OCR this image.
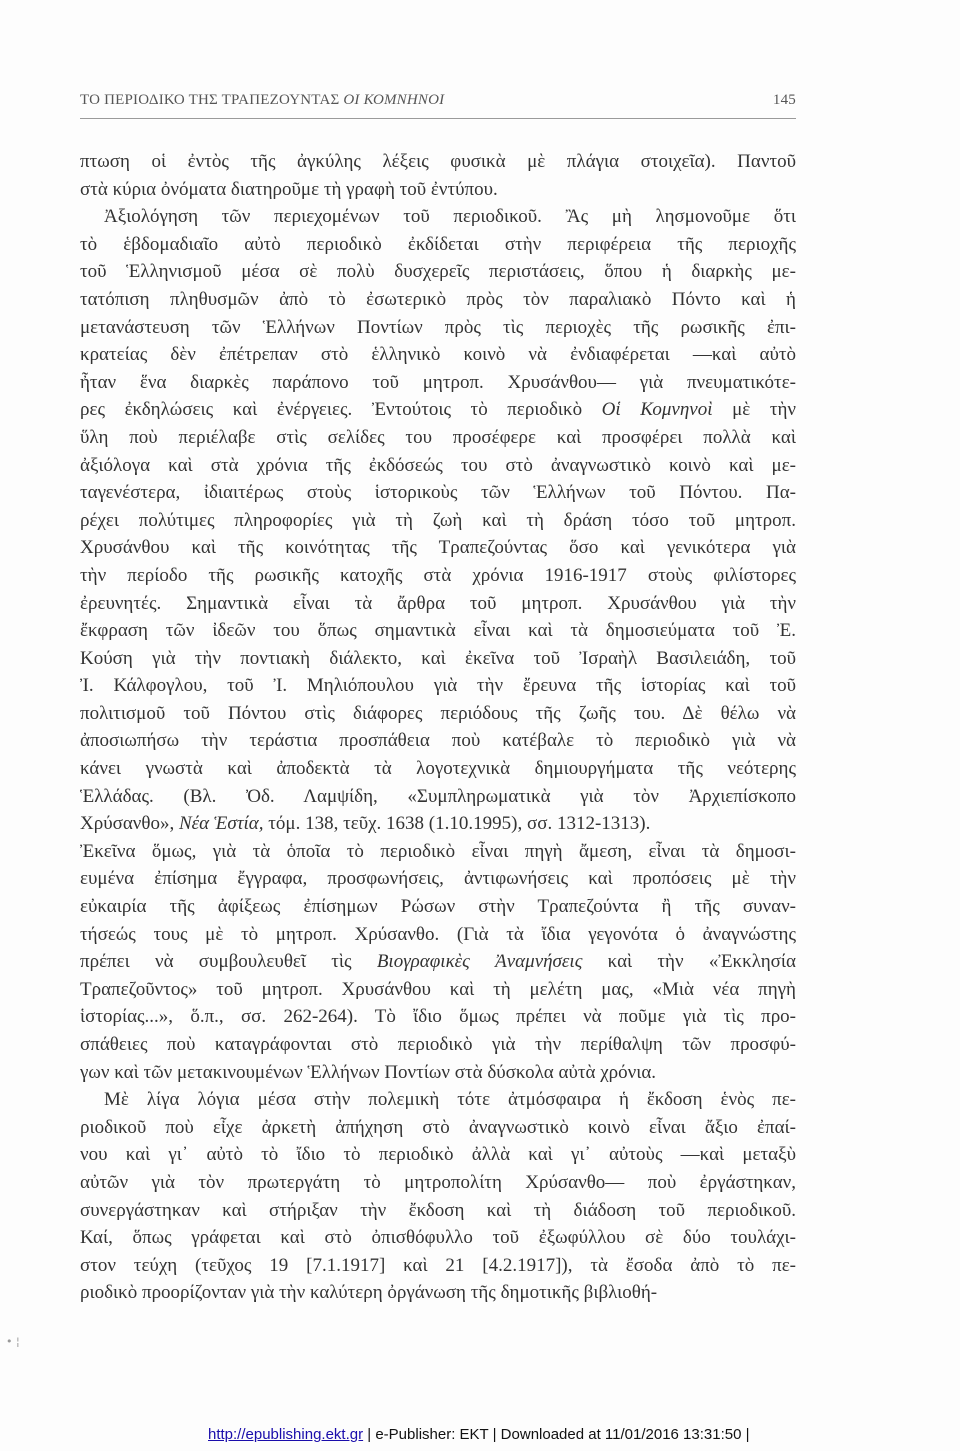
ΤΟ ΠΕΡΙΟΔΙΚΟ ΤΗΣ ΤΡΑΠΕΖΟΥΝΤΑΣ ΟΙ ΚΟΜΝΗΝΟΙ	145
πτωση οἱ ἐντὸς τῆς ἀγκύλης λέξεις φυσικὰ μὲ πλάγια στοιχεῖα). Παντοῦ
στὰ κύρια ὀνόματα διατηροῦμε τὴ γραφὴ τοῦ ἐντύπου.
Ἀξιολόγηση τῶν περιεχομένων τοῦ περιοδικοῦ. Ἂς μὴ λησμονοῦμε ὅτι
τὸ ἑβδομαδιαῖο αὐτὸ περιοδικὸ ἐκδίδεται στὴν περιφέρεια τῆς περιοχῆς
τοῦ Ἑλληνισμοῦ μέσα σὲ πολὺ δυσχερεῖς περιστάσεις, ὅπου ἡ διαρκὴς με-
τατόπιση πληθυσμῶν ἀπὸ τὸ ἐσωτερικὸ πρὸς τὸν παραλιακὸ Πόντο καὶ ἡ
μετανάστευση τῶν Ἑλλήνων Ποντίων πρὸς τὶς περιοχὲς τῆς ρωσικῆς ἐπι-
κρατείας δὲν ἐπέτρεπαν στὸ ἑλληνικὸ κοινὸ νὰ ἐνδιαφέρεται —καὶ αὐτὸ
ἦταν ἕνα διαρκὲς παράπονο τοῦ μητροπ. Χρυσάνθου— γιὰ πνευματικότε-
ρες ἐκδηλώσεις καὶ ἐνέργειες. Ἐντούτοις τὸ περιοδικὸ Οἱ Κομνηνοὶ μὲ τὴν
ὕλη ποὺ περιέλαβε στὶς σελίδες του προσέφερε καὶ προσφέρει πολλὰ καὶ
ἀξιόλογα καὶ στὰ χρόνια τῆς ἐκδόσεώς του στὸ ἀναγνωστικὸ κοινὸ καὶ με-
ταγενέστερα, ἰδιαιτέρως στοὺς ἱστορικοὺς τῶν Ἑλλήνων τοῦ Πόντου. Πα-
ρέχει πολύτιμες πληροφορίες γιὰ τὴ ζωὴ καὶ τὴ δράση τόσο τοῦ μητροπ.
Χρυσάνθου καὶ τῆς κοινότητας τῆς Τραπεζούντας ὅσο καὶ γενικότερα γιὰ
τὴν περίοδο τῆς ρωσικῆς κατοχῆς στὰ χρόνια 1916-1917 στοὺς φιλίστορες
ἐρευνητές. Σημαντικὰ εἶναι τὰ ἄρθρα τοῦ μητροπ. Χρυσάνθου γιὰ τὴν
ἔκφραση τῶν ἰδεῶν του ὅπως σημαντικὰ εἶναι καὶ τὰ δημοσιεύματα τοῦ Ἐ.
Κούση γιὰ τὴν ποντιακὴ διάλεκτο, καὶ ἐκεῖνα τοῦ Ἰσραὴλ Βασιλειάδη, τοῦ
Ἰ. Κάλφογλου, τοῦ Ἰ. Μηλιόπουλου γιὰ τὴν ἔρευνα τῆς ἱστορίας καὶ τοῦ
πολιτισμοῦ τοῦ Πόντου στὶς διάφορες περιόδους τῆς ζωῆς του. Δὲ θέλω νὰ
ἀποσιωπήσω τὴν τεράστια προσπάθεια ποὺ κατέβαλε τὸ περιοδικὸ γιὰ νὰ
κάνει γνωστὰ καὶ ἀποδεκτὰ τὰ λογοτεχνικὰ δημιουργήματα τῆς νεότερης
Ἑλλάδας. (Βλ. Ὀδ. Λαμψίδη, «Συμπληρωματικὰ γιὰ τὸν Ἀρχιεπίσκοπο
Χρύσανθο», Νέα Ἑστία, τόμ. 138, τεῦχ. 1638 (1.10.1995), σσ. 1312-1313).
Ἐκεῖνα ὅμως, γιὰ τὰ ὁποῖα τὸ περιοδικὸ εἶναι πηγὴ ἄμεση, εἶναι τὰ δημοσι-
ευμένα ἐπίσημα ἔγγραφα, προσφωνήσεις, ἀντιφωνήσεις καὶ προπόσεις μὲ τὴν
εὐκαιρία τῆς ἀφίξεως ἐπίσημων Ρώσων στὴν Τραπεζούντα ἢ τῆς συναν-
τήσεώς τους μὲ τὸ μητροπ. Χρύσανθο. (Γιὰ τὰ ἴδια γεγονότα ὁ ἀναγνώστης
πρέπει νὰ συμβουλευθεῖ τὶς Βιογραφικὲς Ἀναμνήσεις καὶ τὴν «Ἐκκλησία
Τραπεζοῦντος» τοῦ μητροπ. Χρυσάνθου καὶ τὴ μελέτη μας, «Μιὰ νέα πηγὴ
ἱστορίας...», ὅ.π., σσ. 262-264). Τὸ ἴδιο ὅμως πρέπει νὰ ποῦμε γιὰ τὶς προ-
σπάθειες ποὺ καταγράφονται στὸ περιοδικὸ γιὰ τὴν περίθαλψη τῶν προσφύ-
γων καὶ τῶν μετακινουμένων Ἑλλήνων Ποντίων στὰ δύσκολα αὐτὰ χρόνια.
Μὲ λίγα λόγια μέσα στὴν πολεμικὴ τότε ἀτμόσφαιρα ἡ ἔκδοση ἑνὸς πε-
ριοδικοῦ ποὺ εἶχε ἀρκετὴ ἀπήχηση στὸ ἀναγνωστικὸ κοινὸ εἶναι ἄξιο ἐπαί-
νου καὶ γι᾽ αὐτὸ τὸ ἴδιο τὸ περιοδικὸ ἀλλὰ καὶ γι᾽ αὐτοὺς —καὶ μεταξὺ
αὐτῶν γιὰ τὸν πρωτεργάτη τὸ μητροπολίτη Χρύσανθο— ποὺ ἐργάστηκαν,
συνεργάστηκαν καὶ στήριξαν τὴν ἔκδοση καὶ τὴ διάδοση τοῦ περιοδικοῦ.
Καί, ὅπως γράφεται καὶ στὸ ὀπισθόφυλλο τοῦ ἐξωφύλλου σὲ δύο τουλάχι-
στον τεύχη (τεῦχος 19 [7.1.1917] καὶ 21 [4.2.1917]), τὰ ἔσοδα ἀπὸ τὸ πε-
ριοδικὸ προορίζονταν γιὰ τὴν καλύτερη ὀργάνωση τῆς δημοτικῆς βιβλιοθή-
• ¦
http://epublishing.ekt.gr | e-Publisher: EKT | Downloaded at 11/01/2016 13:31:50 |
